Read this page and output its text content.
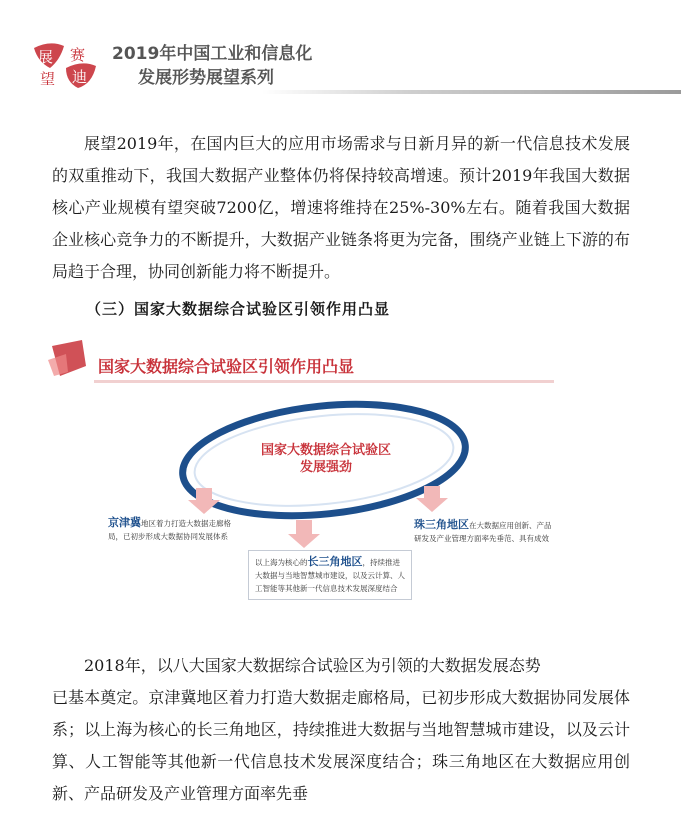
展
望
赛
迪
2019年中国工业和信息化
发展形势展望系列
展望2019年，在国内巨大的应用市场需求与日新月异的新一代信息技术发展的双重推动下，我国大数据产业整体仍将保持较高增速。预计2019年我国大数据核心产业规模有望突破7200亿，增速将维持在25%-30%左右。随着我国大数据企业核心竞争力的不断提升，大数据产业链条将更为完备，围绕产业链上下游的布局趋于合理，协同创新能力将不断提升。
（三）国家大数据综合试验区引领作用凸显
国家大数据综合试验区引领作用凸显
国家大数据综合试验区
发展强劲
京津冀地区着力打造大数据走廊格局，已初步形成大数据协同发展体系
以上海为核心的长三角地区，持续推进大数据与当地智慧城市建设，以及云计算、人工智能等其他新一代信息技术发展深度结合
珠三角地区在大数据应用创新、产品研发及产业管理方面率先垂范、具有成效
2018年，以八大国家大数据综合试验区为引领的大数据发展态势
已基本奠定。京津冀地区着力打造大数据走廊格局，已初步形成大数据协同发展体系；以上海为核心的长三角地区，持续推进大数据与当地智慧城市建设，以及云计算、人工智能等其他新一代信息技术发展深度结合；珠三角地区在大数据应用创新、产品研发及产业管理方面率先垂
